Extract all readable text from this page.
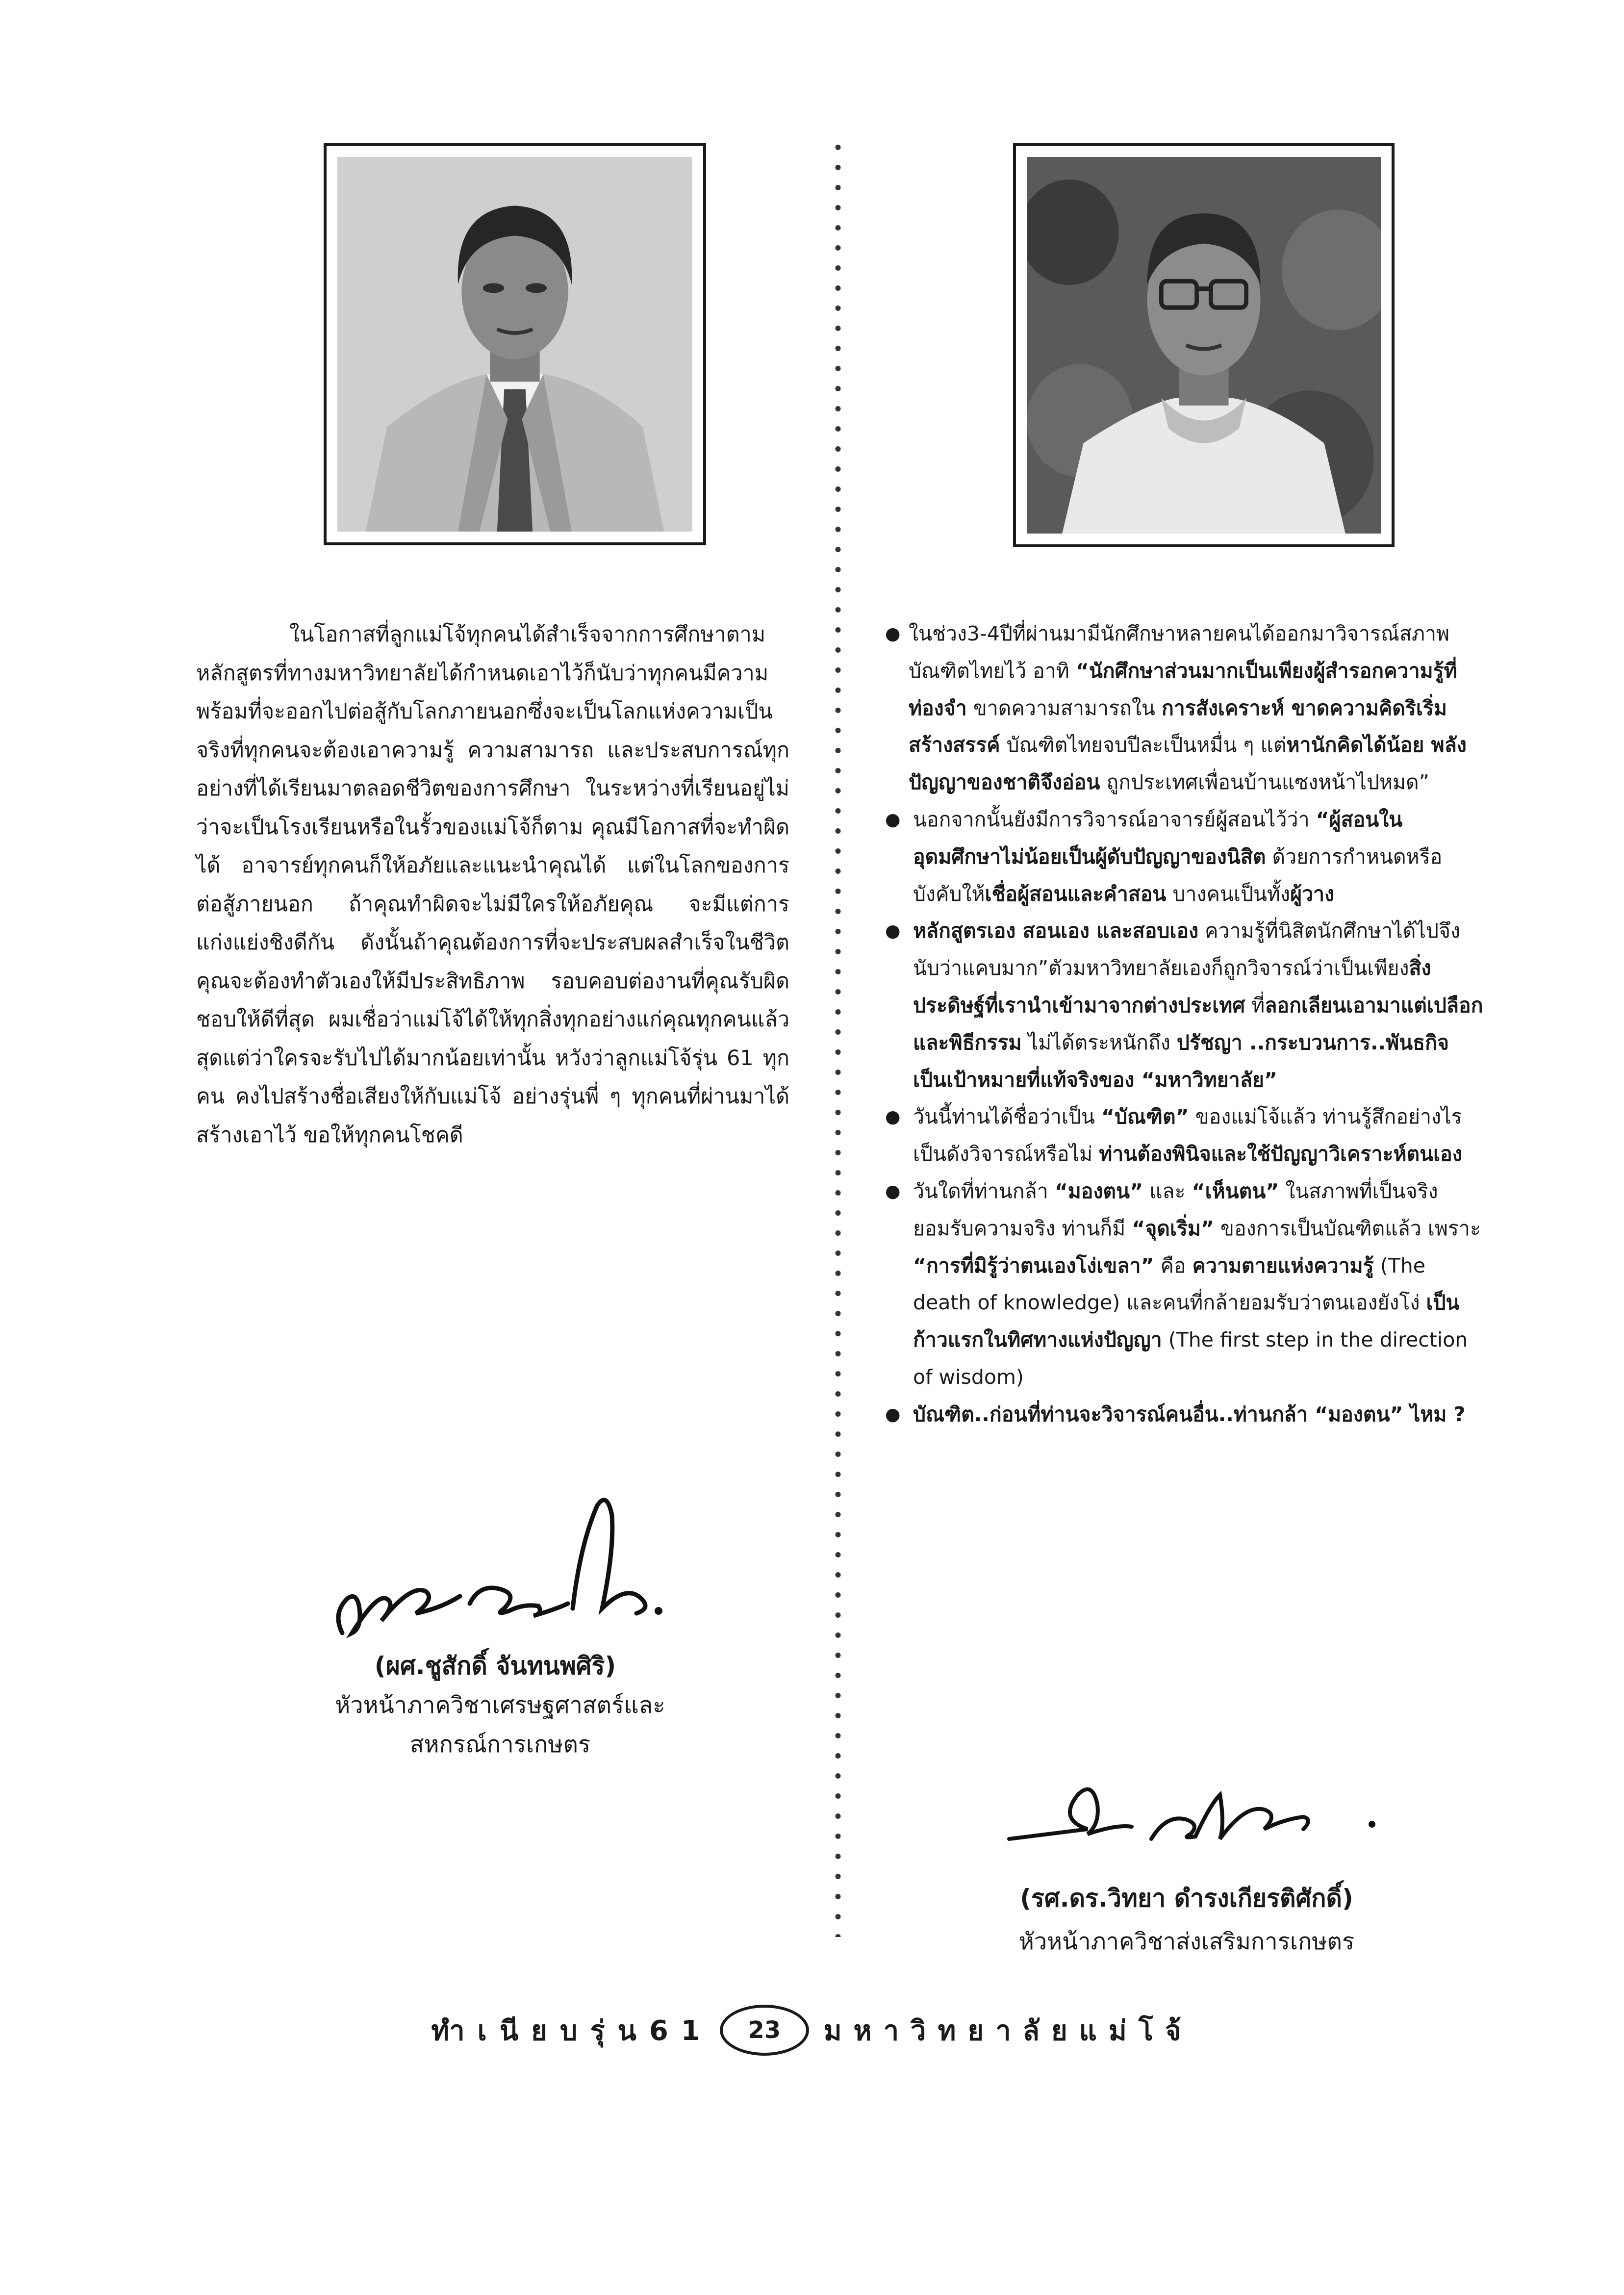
ในโอกาสที่ลูกแม่โจ้ทุกคนได้สำเร็จจากการศึกษาตามหลักสูตรที่ทางมหาวิทยาลัยได้กำหนดเอาไว้ก็นับว่าทุกคนมีความพร้อมที่จะออกไปต่อสู้กับโลกภายนอกซึ่งจะเป็นโลกแห่งความเป็นจริงที่ทุกคนจะต้องเอาความรู้ ความสามารถ และประสบการณ์ทุกอย่างที่ได้เรียนมาตลอดชีวิตของการศึกษา ในระหว่างที่เรียนอยู่ไม่ว่าจะเป็นโรงเรียนหรือในรั้วของแม่โจ้ก็ตาม คุณมีโอกาสที่จะทำผิดได้ อาจารย์ทุกคนก็ให้อภัยและแนะนำคุณได้ แต่ในโลกของการต่อสู้ภายนอก ถ้าคุณทำผิดจะไม่มีใครให้อภัยคุณ จะมีแต่การแก่งแย่งชิงดีกัน ดังนั้นถ้าคุณต้องการที่จะประสบผลสำเร็จในชีวิต คุณจะต้องทำตัวเองให้มีประสิทธิภาพ รอบคอบต่องานที่คุณรับผิดชอบให้ดีที่สุด ผมเชื่อว่าแม่โจ้ได้ให้ทุกสิ่งทุกอย่างแก่คุณทุกคนแล้ว สุดแต่ว่าใครจะรับไปได้มากน้อยเท่านั้น หวังว่าลูกแม่โจ้รุ่น 61 ทุกคน คงไปสร้างชื่อเสียงให้กับแม่โจ้ อย่างรุ่นพี่ ๆ ทุกคนที่ผ่านมาได้สร้างเอาไว้ ขอให้ทุกคนโชคดี

● ในช่วง3-4ปีที่ผ่านมามีนักศึกษาหลายคนได้ออกมาวิจารณ์สภาพบัณฑิตไทยไว้ อาทิ “นักศึกษาส่วนมากเป็นเพียงผู้สำรอกความรู้ที่ท่องจำ ขาดความสามารถใน การสังเคราะห์ ขาดความคิดริเริ่มสร้างสรรค์ บัณฑิตไทยจบปีละเป็นหมื่น ๆ แต่หานักคิดได้น้อย พลังปัญญาของชาติจึงอ่อน ถูกประเทศเพื่อนบ้านแซงหน้าไปหมด”
● นอกจากนั้นยังมีการวิจารณ์อาจารย์ผู้สอนไว้ว่า “ผู้สอนในอุดมศึกษาไม่น้อยเป็นผู้ดับปัญญาของนิสิต ด้วยการกำหนดหรือบังคับให้เชื่อผู้สอนและคำสอน บางคนเป็นทั้งผู้วาง
● หลักสูตรเอง สอนเอง และสอบเอง ความรู้ที่นิสิตนักศึกษาได้ไปจึงนับว่าแคบมาก”ตัวมหาวิทยาลัยเองก็ถูกวิจารณ์ว่าเป็นเพียงสิ่งประดิษฐ์ที่เรานำเข้ามาจากต่างประเทศ ที่ลอกเลียนเอามาแต่เปลือกและพิธีกรรม ไม่ได้ตระหนักถึง ปรัชญา ..กระบวนการ..พันธกิจ เป็นเป้าหมายที่แท้จริงของ “มหาวิทยาลัย”
● วันนี้ท่านได้ชื่อว่าเป็น “บัณฑิต” ของแม่โจ้แล้ว ท่านรู้สึกอย่างไรเป็นดังวิจารณ์หรือไม่ ท่านต้องพินิจและใช้ปัญญาวิเคราะห์ตนเอง
● วันใดที่ท่านกล้า “มองตน” และ “เห็นตน” ในสภาพที่เป็นจริงยอมรับความจริง ท่านก็มี “จุดเริ่ม” ของการเป็นบัณฑิตแล้ว เพราะ “การที่มิรู้ว่าตนเองโง่เขลา” คือ ความตายแห่งความรู้ (The death of knowledge) และคนที่กล้ายอมรับว่าตนเองยังโง่ เป็นก้าวแรกในทิศทางแห่งปัญญา (The first step in the direction of wisdom)
● บัณฑิต..ก่อนที่ท่านจะวิจารณ์คนอื่น..ท่านกล้า “มองตน” ไหม ?
(ผศ.ชูสักดิ์ จันทนพศิริ)
หัวหน้าภาควิชาเศรษฐศาสตร์และ
สหกรณ์การเกษตร
(รศ.ดร.วิทยา ดำรงเกียรติศักดิ์)
หัวหน้าภาควิชาส่งเสริมการเกษตร
ทำเนียบรุ่น61	23	มหาวิทยาลัยแม่โจ้
